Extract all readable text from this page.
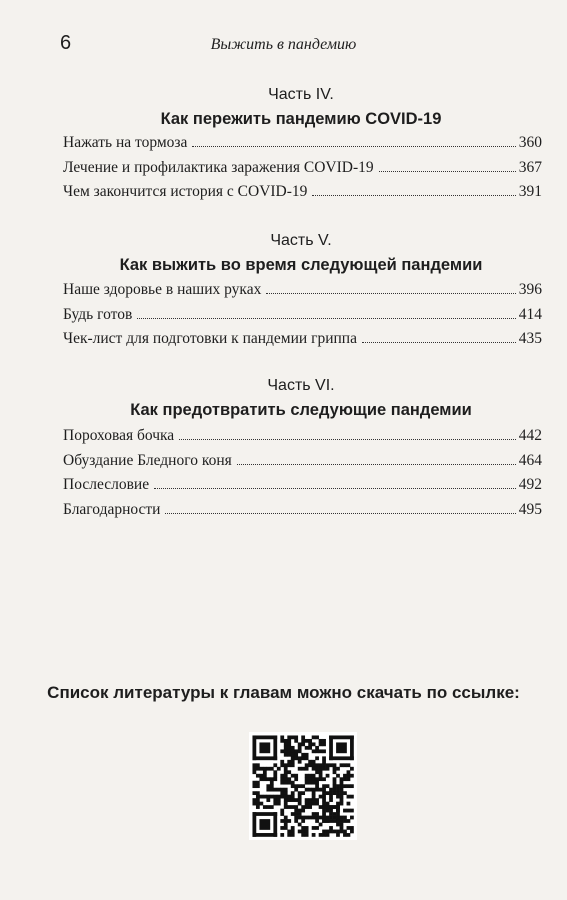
6	Выжить в пандемию
Часть IV.
Как пережить пандемию COVID-19
Нажать на тормоза	360
Лечение и профилактика заражения COVID-19	367
Чем закончится история с COVID-19	391
Часть V.
Как выжить во время следующей пандемии
Наше здоровье в наших руках	396
Будь готов	414
Чек-лист для подготовки к пандемии гриппа	435
Часть VI.
Как предотвратить следующие пандемии
Пороховая бочка	442
Обуздание Бледного коня	464
Послесловие	492
Благодарности	495
Список литературы к главам можно скачать по ссылке:
